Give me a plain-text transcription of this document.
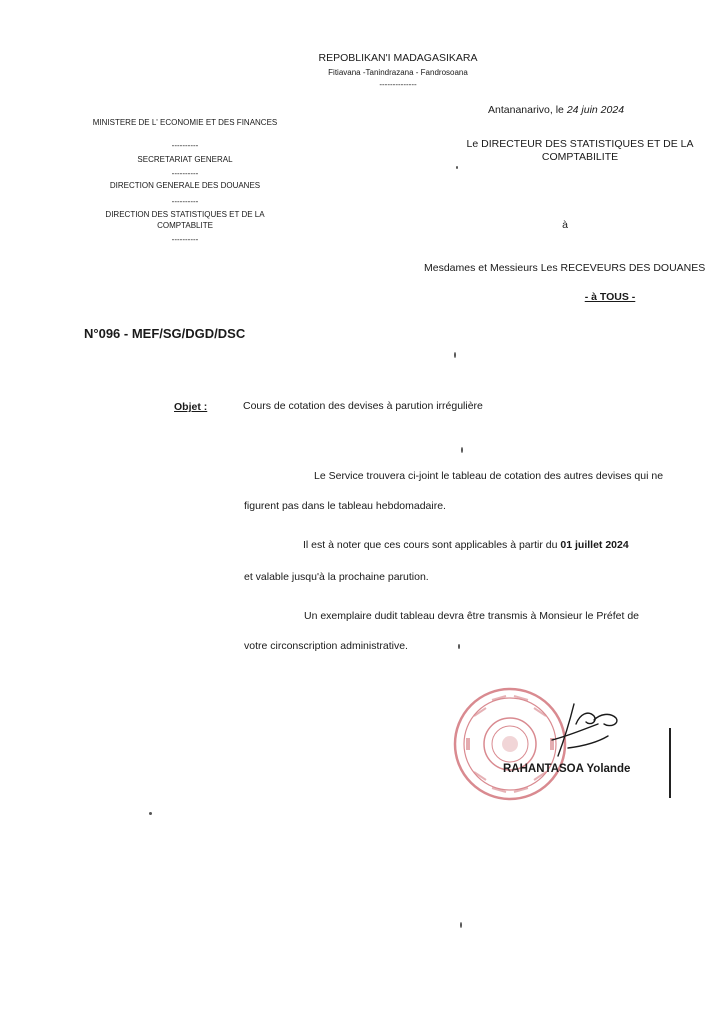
REPOBLIKAN'I MADAGASIKARA
Fitiavana -Tanindrazana - Fandrosoana
--------------
MINISTERE DE L' ECONOMIE ET DES FINANCES
----------
SECRETARIAT GENERAL
----------
DIRECTION GENERALE DES DOUANES
----------
DIRECTION DES STATISTIQUES ET DE LA
COMPTABLITE
----------
Antananarivo, le 24 juin 2024
Le DIRECTEUR DES STATISTIQUES ET DE LA
COMPTABILITE
à
Mesdames et Messieurs Les RECEVEURS DES DOUANES
- à TOUS -
N°096 - MEF/SG/DGD/DSC
Objet :	Cours de cotation des devises à parution irrégulière
Le Service trouvera ci-joint le tableau de cotation des autres devises qui ne
figurent pas dans le tableau hebdomadaire.
Il est à noter que ces cours sont applicables à partir du 01 juillet 2024
et valable jusqu'à la prochaine parution.
Un exemplaire dudit tableau devra être transmis à Monsieur le Préfet de
votre circonscription administrative.
RAHANTASOA Yolande
